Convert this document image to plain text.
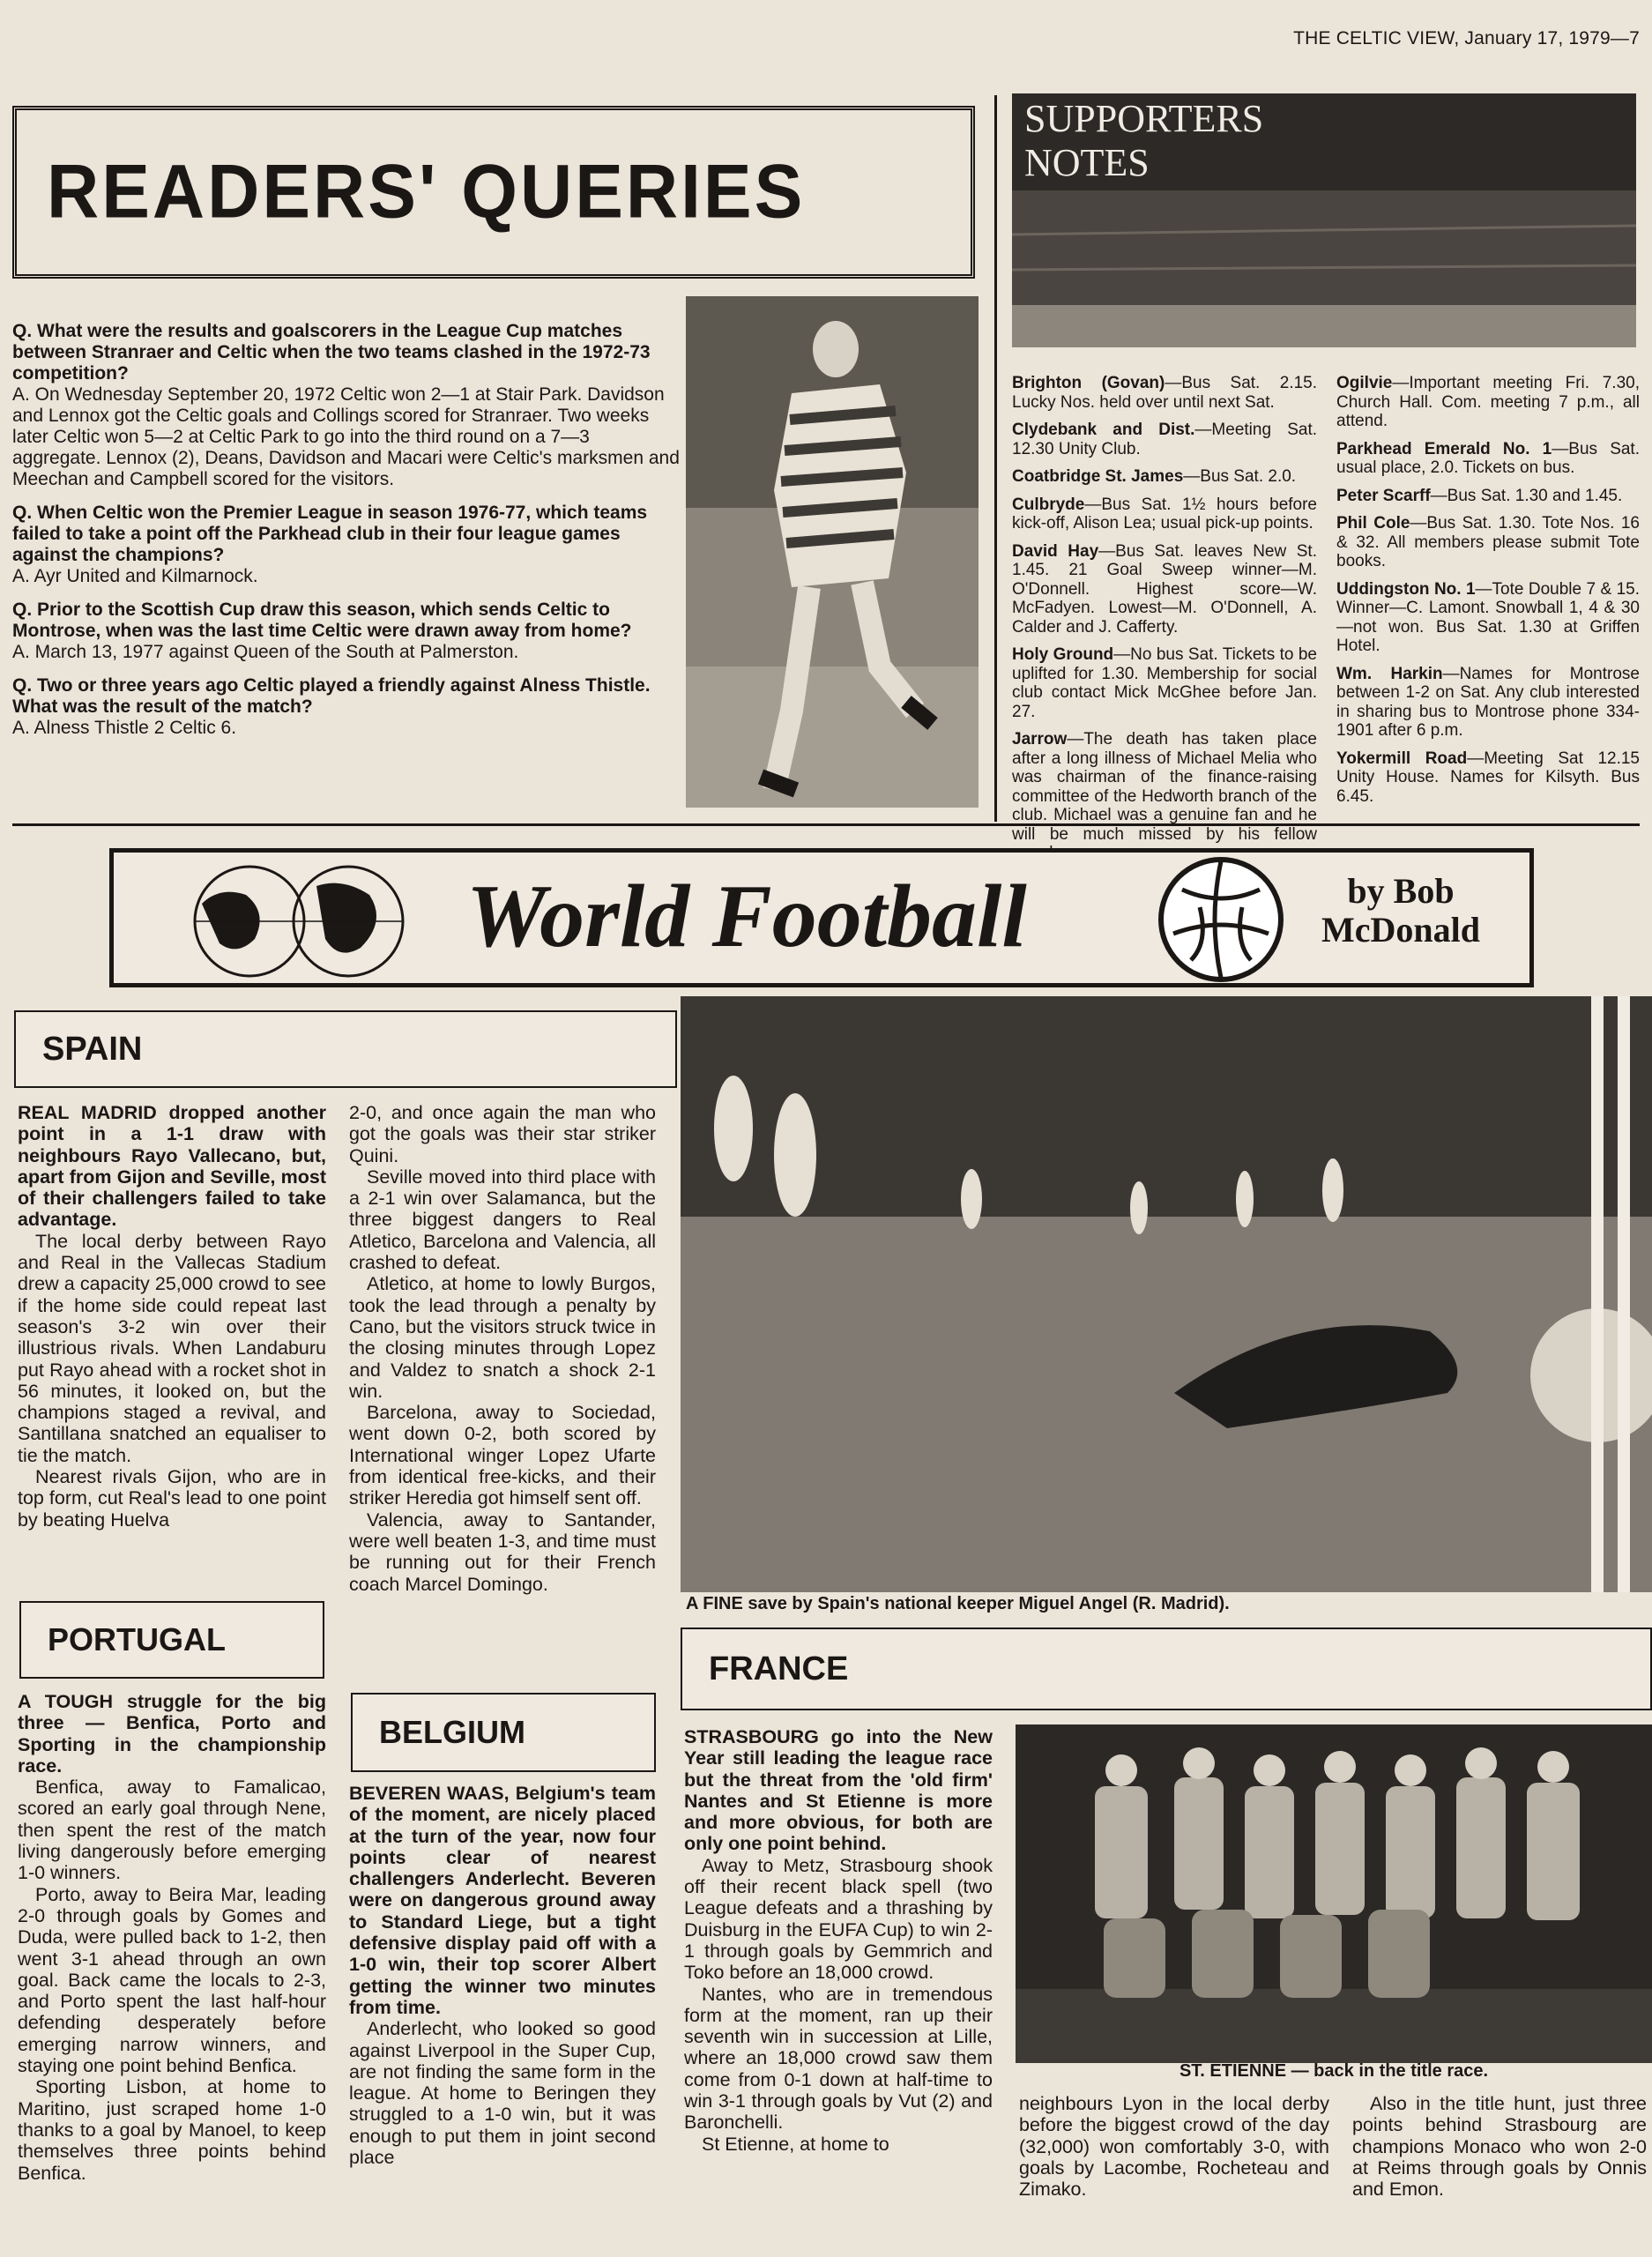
THE CELTIC VIEW, January 17, 1979—7
READERS' QUERIES

Q. What were the results and goalscorers in the League Cup matches between Stranraer and Celtic when the two teams clashed in the 1972-73 competition?

A. On Wednesday September 20, 1972 Celtic won 2—1 at Stair Park. Davidson and Lennox got the Celtic goals and Collings scored for Stranraer. Two weeks later Celtic won 5—2 at Celtic Park to go into the third round on a 7—3 aggregate. Lennox (2), Deans, Davidson and Macari were Celtic's marksmen and Meechan and Campbell scored for the visitors.

Q. When Celtic won the Premier League in season 1976-77, which teams failed to take a point off the Parkhead club in their four league games against the champions?

A. Ayr United and Kilmarnock.

Q. Prior to the Scottish Cup draw this season, which sends Celtic to Montrose, when was the last time Celtic were drawn away from home?

A. March 13, 1977 against Queen of the South at Palmerston.

Q. Two or three years ago Celtic played a friendly against Alness Thistle. What was the result of the match?

A. Alness Thistle 2 Celtic 6.

SUPPORTERS
NOTES

Brighton (Govan)—Bus Sat. 2.15. Lucky Nos. held over until next Sat.

Clydebank and Dist.—Meeting Sat. 12.30 Unity Club.

Coatbridge St. James—Bus Sat. 2.0.

Culbryde—Bus Sat. 1½ hours before kick-off, Alison Lea; usual pick-up points.

David Hay—Bus Sat. leaves New St. 1.45. 21 Goal Sweep winner—M. O'Donnell. Highest score—W. McFadyen. Lowest—M. O'Donnell, A. Calder and J. Cafferty.

Holy Ground—No bus Sat. Tickets to be uplifted for 1.30. Membership for social club contact Mick McGhee before Jan. 27.

Jarrow—The death has taken place after a long illness of Michael Melia who was chairman of the finance-raising committee of the Hedworth branch of the club. Michael was a genuine fan and he will be much missed by his fellow

Ogilvie—Important meeting Fri. 7.30, Church Hall. Com. meeting 7 p.m., all attend.

Parkhead Emerald No. 1—Bus Sat. usual place, 2.0. Tickets on bus.

Peter Scarff—Bus Sat. 1.30 and 1.45.

Phil Cole—Bus Sat. 1.30. Tote Nos. 16 & 32. All members please submit Tote books.

Uddingston No. 1—Tote Double 7 & 15. Winner—C. Lamont. Snowball 1, 4 & 30—not won. Bus Sat. 1.30 at Griffen Hotel.

Wm. Harkin—Names for Montrose between 1-2 on Sat. Any club interested in sharing bus to Montrose phone 334-1901 after 6 p.m.

Yokermill Road—Meeting Sat 12.15 Unity House. Names for Kilsyth. Bus 6.45.

World Football	by Bob
McDonald
SPAIN

REAL MADRID dropped another point in a 1-1 draw with neighbours Rayo Vallecano, but, apart from Gijon and Seville, most of their challengers failed to take advantage.

The local derby between Rayo and Real in the Vallecas Stadium drew a capacity 25,000 crowd to see if the home side could repeat last season's 3-2 win over their illustrious rivals. When Landaburu put Rayo ahead with a rocket shot in 56 minutes, it looked on, but the champions staged a revival, and Santillana snatched an equaliser to tie the match.

Nearest rivals Gijon, who are in top form, cut Real's lead to one point by beating Huelva

2-0, and once again the man who got the goals was their star striker Quini.

Seville moved into third place with a 2-1 win over Salamanca, but the three biggest dangers to Real Atletico, Barcelona and Valencia, all crashed to defeat.

Atletico, at home to lowly Burgos, took the lead through a penalty by Cano, but the visitors struck twice in the closing minutes through Lopez and Valdez to snatch a shock 2-1 win.

Barcelona, away to Sociedad, went down 0-2, both scored by International winger Lopez Ufarte from identical free-kicks, and their striker Heredia got himself sent off.

Valencia, away to Santander, were well beaten 1-3, and time must be running out for their French coach Marcel Domingo.

PORTUGAL

A TOUGH struggle for the big three — Benfica, Porto and Sporting in the championship race.

Benfica, away to Famalicao, scored an early goal through Nene, then spent the rest of the match living dangerously before emerging 1-0 winners.

Porto, away to Beira Mar, leading 2-0 through goals by Gomes and Duda, were pulled back to 1-2, then went 3-1 ahead through an own goal. Back came the locals to 2-3, and Porto spent the last half-hour defending desperately before emerging narrow winners, and staying one point behind Benfica.

Sporting Lisbon, at home to Maritino, just scraped home 1-0 thanks to a goal by Manoel, to keep themselves three points behind Benfica.

BELGIUM

BEVEREN WAAS, Belgium's team of the moment, are nicely placed at the turn of the year, now four points clear of nearest challengers Anderlecht. Beveren were on dangerous ground away to Standard Liege, but a tight defensive display paid off with a 1-0 win, their top scorer Albert getting the winner two minutes from time.

Anderlecht, who looked so good against Liverpool in the Super Cup, are not finding the same form in the league. At home to Beringen they struggled to a 1-0 win, but it was enough to put them in joint second place

A FINE save by Spain's national keeper Miguel Angel (R. Madrid).
FRANCE

STRASBOURG go into the New Year still leading the league race but the threat from the 'old firm' Nantes and St Etienne is more and more obvious, for both are only one point behind.

Away to Metz, Strasbourg shook off their recent black spell (two League defeats and a thrashing by Duisburg in the EUFA Cup) to win 2-1 through goals by Gemmrich and Toko before an 18,000 crowd.

Nantes, who are in tremendous form at the moment, ran up their seventh win in succession at Lille, where an 18,000 crowd saw them come from 0-1 down at half-time to win 3-1 through goals by Vut (2) and Baronchelli.

St Etienne, at home to

ST. ETIENNE — back in the title race.

neighbours Lyon in the local derby before the biggest crowd of the day (32,000) won comfortably 3-0, with goals by Lacombe, Rocheteau and Zimako.

Also in the title hunt, just three points behind Strasbourg are champions Monaco who won 2-0 at Reims through goals by Onnis and Emon.
